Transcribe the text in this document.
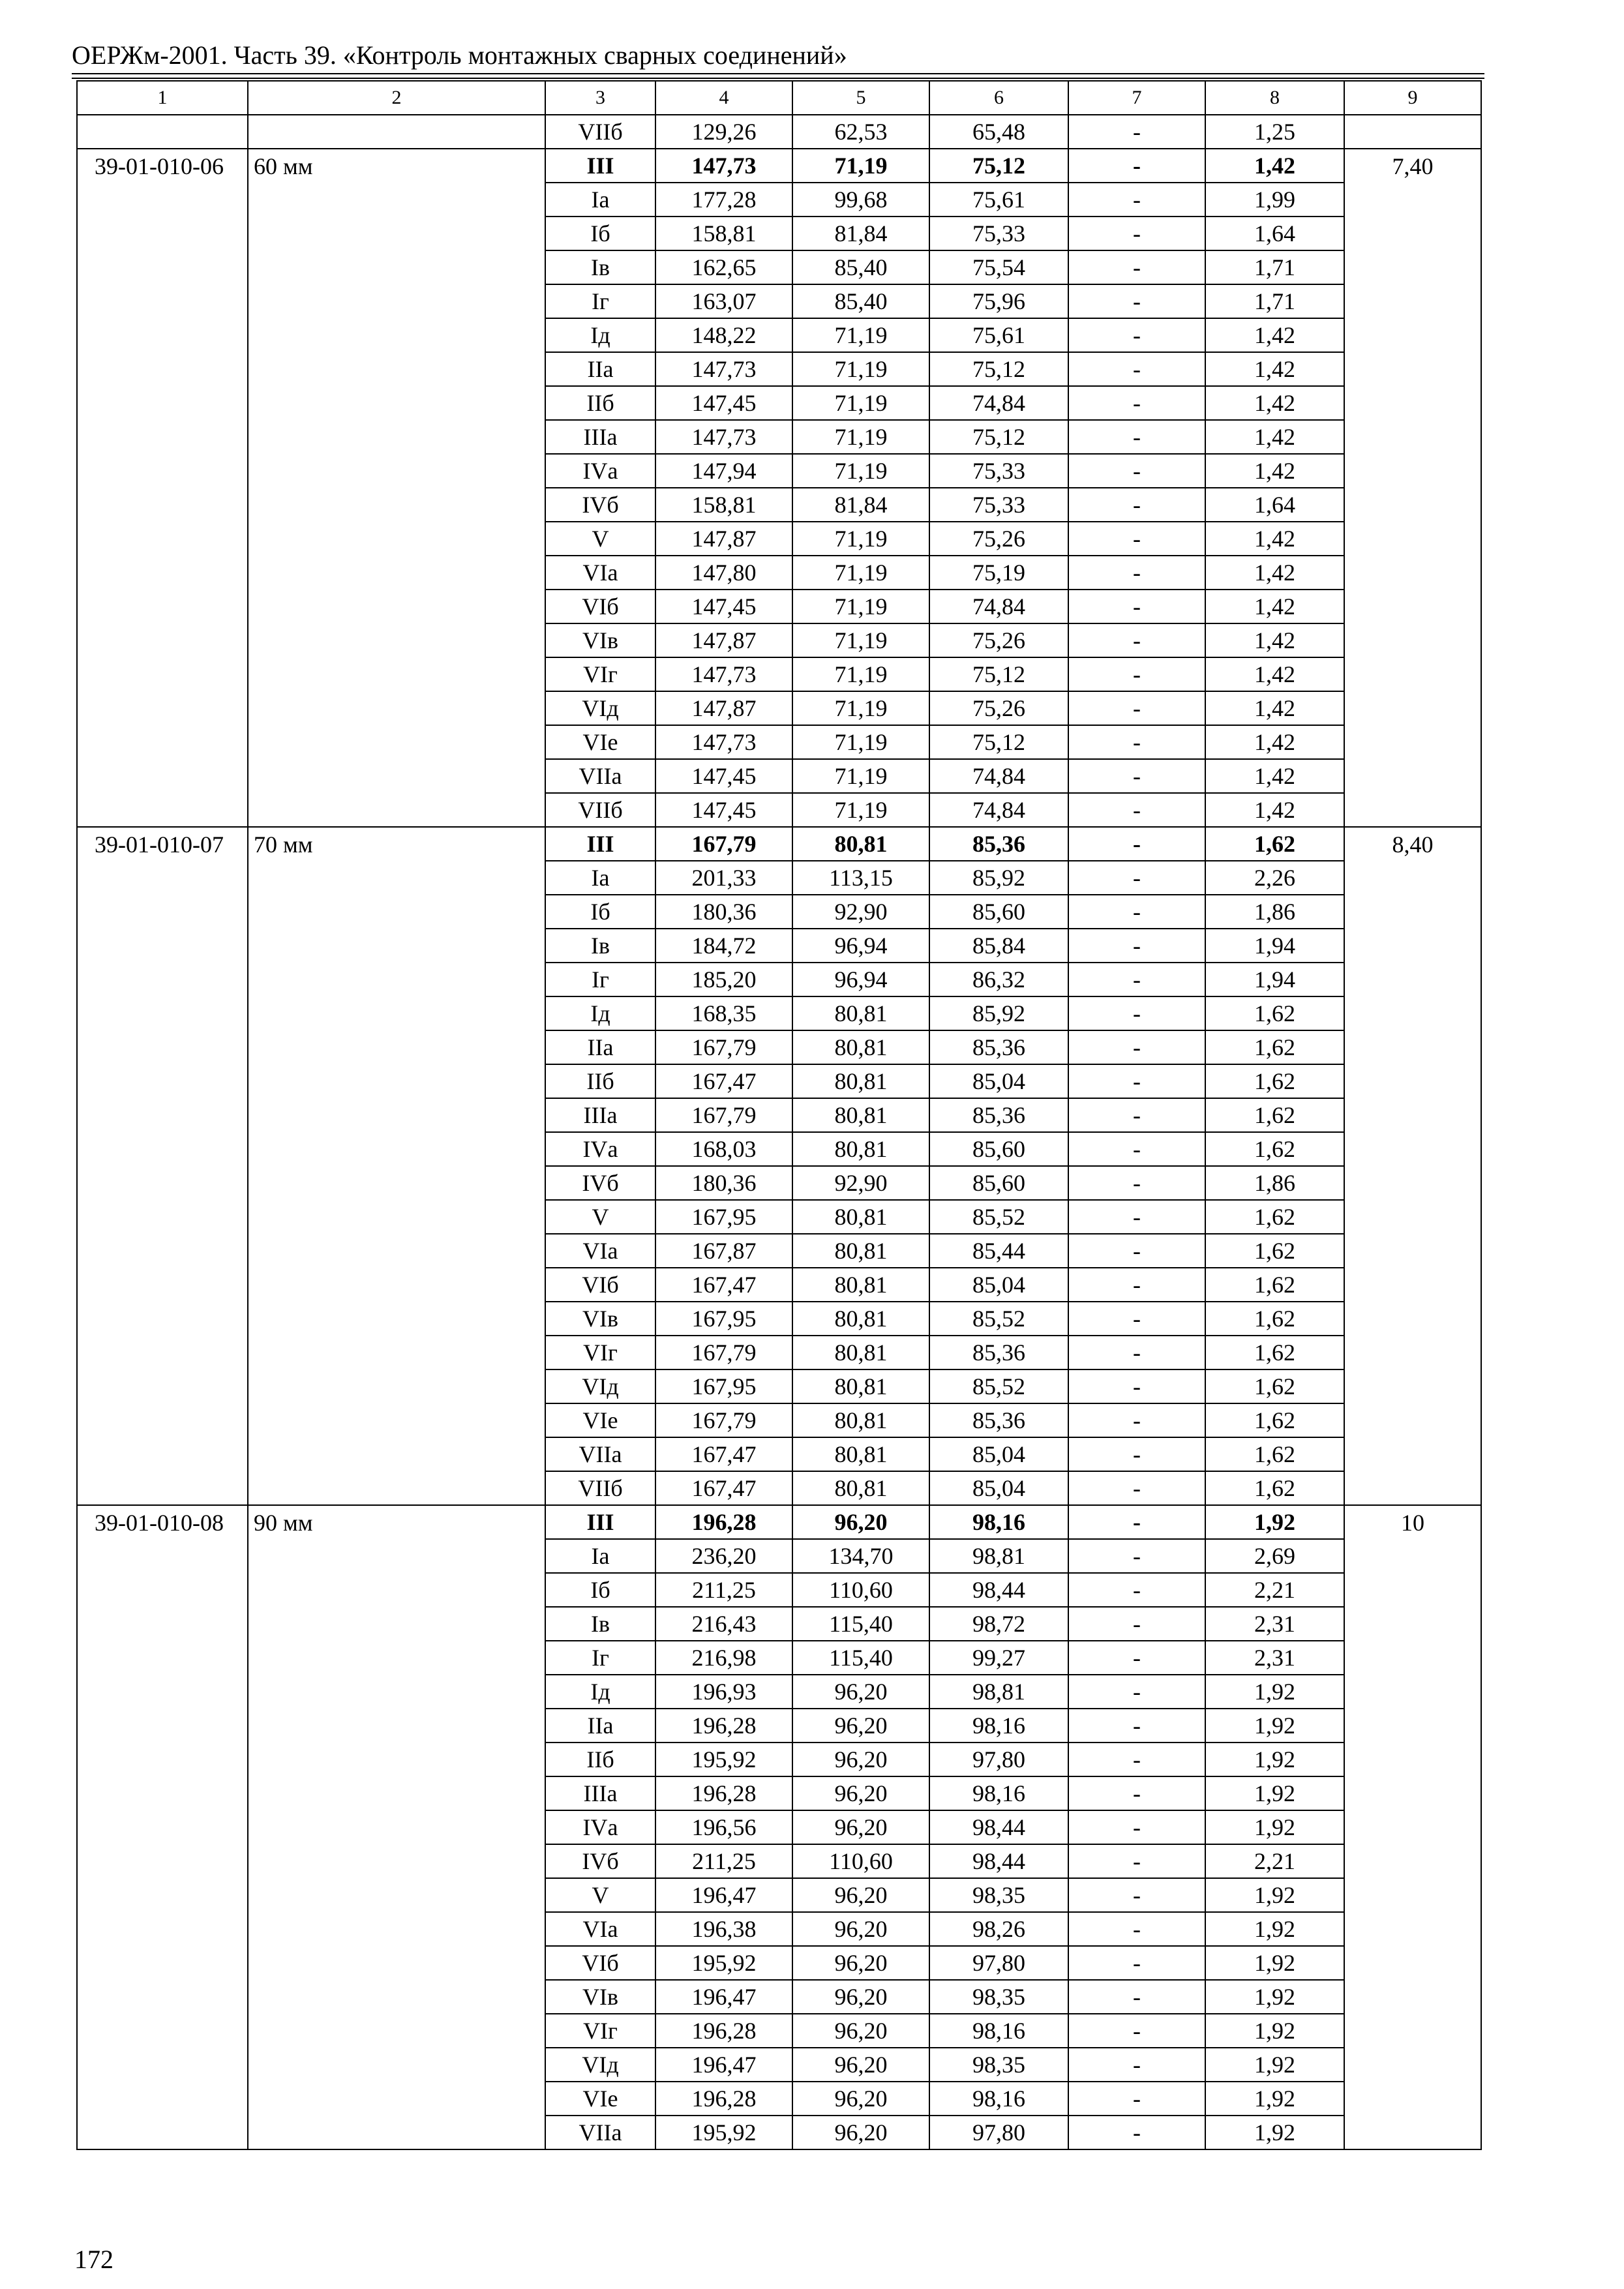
ОЕРЖм-2001. Часть 39. «Контроль монтажных сварных соединений»
1	2	3	4	5	6	7	8	9
		VIIб	129,26	62,53	65,48	-	1,25	
39-01-010-06	60 мм	III	147,73	71,19	75,12	-	1,42	7,40
		Iа	177,28	99,68	75,61	-	1,99	
		Iб	158,81	81,84	75,33	-	1,64	
		Iв	162,65	85,40	75,54	-	1,71	
		Iг	163,07	85,40	75,96	-	1,71	
		Iд	148,22	71,19	75,61	-	1,42	
		IIа	147,73	71,19	75,12	-	1,42	
		IIб	147,45	71,19	74,84	-	1,42	
		IIIа	147,73	71,19	75,12	-	1,42	
		IVа	147,94	71,19	75,33	-	1,42	
		IVб	158,81	81,84	75,33	-	1,64	
		V	147,87	71,19	75,26	-	1,42	
		VIа	147,80	71,19	75,19	-	1,42	
		VIб	147,45	71,19	74,84	-	1,42	
		VIв	147,87	71,19	75,26	-	1,42	
		VIг	147,73	71,19	75,12	-	1,42	
		VIд	147,87	71,19	75,26	-	1,42	
		VIе	147,73	71,19	75,12	-	1,42	
		VIIа	147,45	71,19	74,84	-	1,42	
		VIIб	147,45	71,19	74,84	-	1,42	
39-01-010-07	70 мм	III	167,79	80,81	85,36	-	1,62	8,40
		Iа	201,33	113,15	85,92	-	2,26	
		Iб	180,36	92,90	85,60	-	1,86	
		Iв	184,72	96,94	85,84	-	1,94	
		Iг	185,20	96,94	86,32	-	1,94	
		Iд	168,35	80,81	85,92	-	1,62	
		IIа	167,79	80,81	85,36	-	1,62	
		IIб	167,47	80,81	85,04	-	1,62	
		IIIа	167,79	80,81	85,36	-	1,62	
		IVа	168,03	80,81	85,60	-	1,62	
		IVб	180,36	92,90	85,60	-	1,86	
		V	167,95	80,81	85,52	-	1,62	
		VIа	167,87	80,81	85,44	-	1,62	
		VIб	167,47	80,81	85,04	-	1,62	
		VIв	167,95	80,81	85,52	-	1,62	
		VIг	167,79	80,81	85,36	-	1,62	
		VIд	167,95	80,81	85,52	-	1,62	
		VIе	167,79	80,81	85,36	-	1,62	
		VIIа	167,47	80,81	85,04	-	1,62	
		VIIб	167,47	80,81	85,04	-	1,62	
39-01-010-08	90 мм	III	196,28	96,20	98,16	-	1,92	10
		Iа	236,20	134,70	98,81	-	2,69	
		Iб	211,25	110,60	98,44	-	2,21	
		Iв	216,43	115,40	98,72	-	2,31	
		Iг	216,98	115,40	99,27	-	2,31	
		Iд	196,93	96,20	98,81	-	1,92	
		IIа	196,28	96,20	98,16	-	1,92	
		IIб	195,92	96,20	97,80	-	1,92	
		IIIа	196,28	96,20	98,16	-	1,92	
		IVа	196,56	96,20	98,44	-	1,92	
		IVб	211,25	110,60	98,44	-	2,21	
		V	196,47	96,20	98,35	-	1,92	
		VIа	196,38	96,20	98,26	-	1,92	
		VIб	195,92	96,20	97,80	-	1,92	
		VIв	196,47	96,20	98,35	-	1,92	
		VIг	196,28	96,20	98,16	-	1,92	
		VIд	196,47	96,20	98,35	-	1,92	
		VIе	196,28	96,20	98,16	-	1,92	
		VIIа	195,92	96,20	97,80	-	1,92	
172
